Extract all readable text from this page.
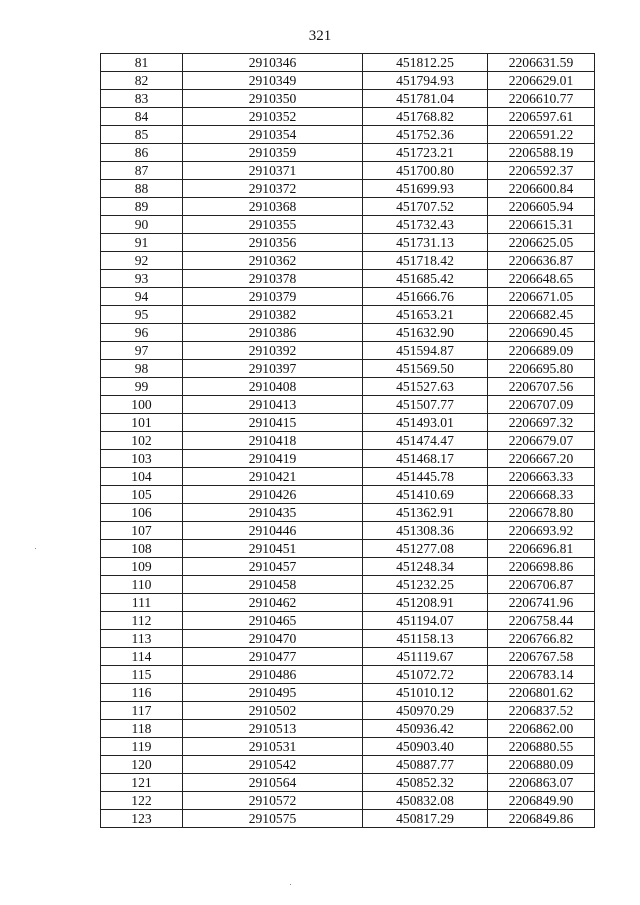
321
81	2910346	451812.25	2206631.59
82	2910349	451794.93	2206629.01
83	2910350	451781.04	2206610.77
84	2910352	451768.82	2206597.61
85	2910354	451752.36	2206591.22
86	2910359	451723.21	2206588.19
87	2910371	451700.80	2206592.37
88	2910372	451699.93	2206600.84
89	2910368	451707.52	2206605.94
90	2910355	451732.43	2206615.31
91	2910356	451731.13	2206625.05
92	2910362	451718.42	2206636.87
93	2910378	451685.42	2206648.65
94	2910379	451666.76	2206671.05
95	2910382	451653.21	2206682.45
96	2910386	451632.90	2206690.45
97	2910392	451594.87	2206689.09
98	2910397	451569.50	2206695.80
99	2910408	451527.63	2206707.56
100	2910413	451507.77	2206707.09
101	2910415	451493.01	2206697.32
102	2910418	451474.47	2206679.07
103	2910419	451468.17	2206667.20
104	2910421	451445.78	2206663.33
105	2910426	451410.69	2206668.33
106	2910435	451362.91	2206678.80
107	2910446	451308.36	2206693.92
108	2910451	451277.08	2206696.81
109	2910457	451248.34	2206698.86
110	2910458	451232.25	2206706.87
111	2910462	451208.91	2206741.96
112	2910465	451194.07	2206758.44
113	2910470	451158.13	2206766.82
114	2910477	451119.67	2206767.58
115	2910486	451072.72	2206783.14
116	2910495	451010.12	2206801.62
117	2910502	450970.29	2206837.52
118	2910513	450936.42	2206862.00
119	2910531	450903.40	2206880.55
120	2910542	450887.77	2206880.09
121	2910564	450852.32	2206863.07
122	2910572	450832.08	2206849.90
123	2910575	450817.29	2206849.86
